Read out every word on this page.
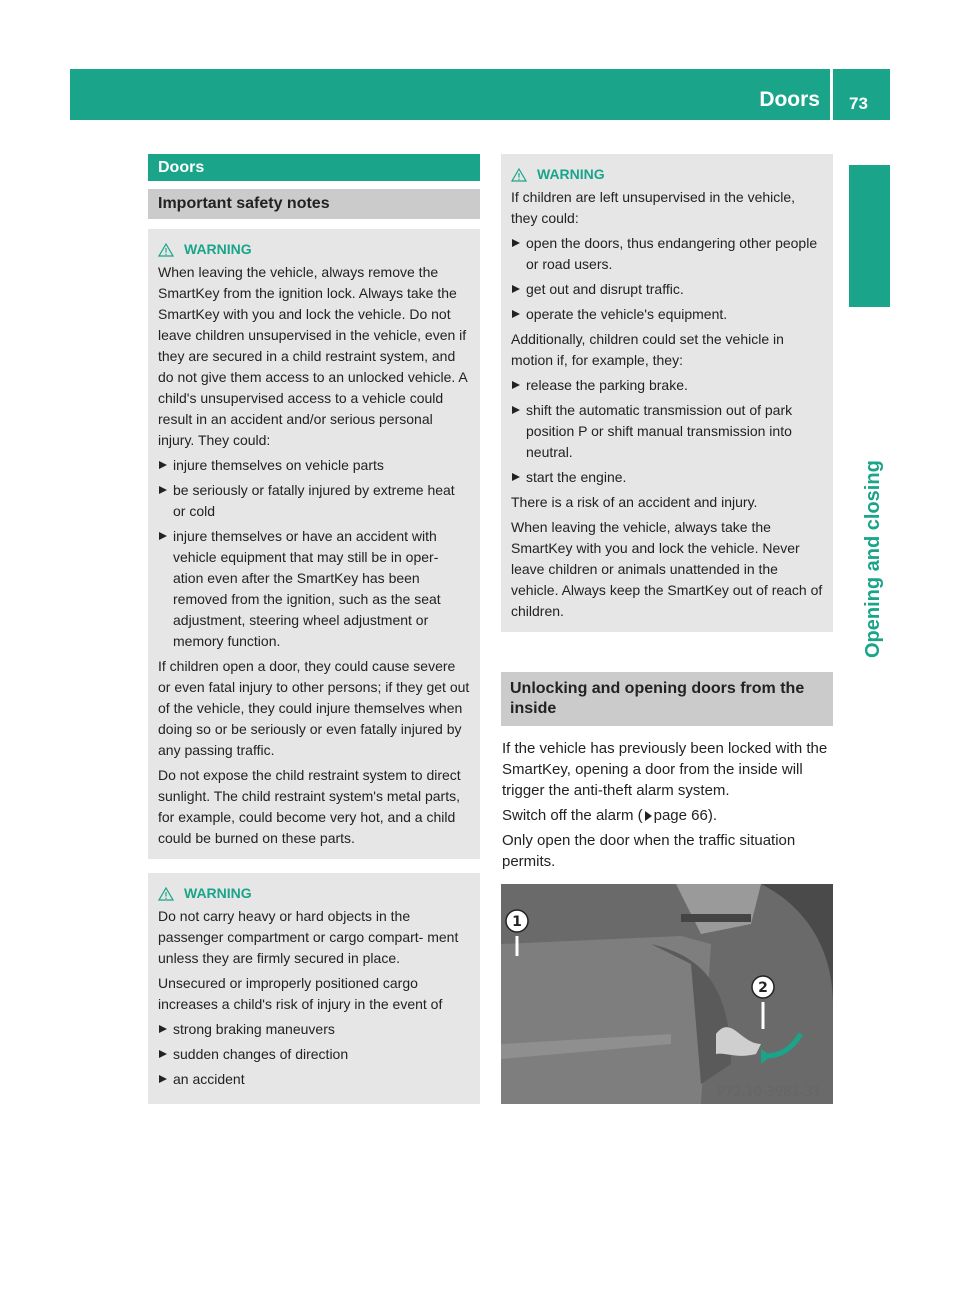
Doors 73
Opening and closing
Doors
Important safety notes
WARNING

When leaving the vehicle, always remove the SmartKey from the ignition lock. Always take the SmartKey with you and lock the vehicle. Do not leave children unsupervised in the vehicle, even if they are secured in a child restraint system, and do not give them access to an unlocked vehicle. A child's unsupervised access to a vehicle could result in an accident and/or serious personal injury. They could:

injure themselves on vehicle parts
be seriously or fatally injured by extreme heat or cold
injure themselves or have an accident with vehicle equipment that may still be in oper- ation even after the SmartKey has been removed from the ignition, such as the seat adjustment, steering wheel adjustment or memory function.

If children open a door, they could cause severe or even fatal injury to other persons; if they get out of the vehicle, they could injure themselves when doing so or be seriously or even fatally injured by any passing traffic.

Do not expose the child restraint system to direct sunlight. The child restraint system's metal parts, for example, could become very hot, and a child could be burned on these parts.

WARNING

Do not carry heavy or hard objects in the passenger compartment or cargo compart- ment unless they are firmly secured in place.

Unsecured or improperly positioned cargo increases a child's risk of injury in the event of

strong braking maneuvers
sudden changes of direction
an accident
WARNING

If children are left unsupervised in the vehicle, they could:

open the doors, thus endangering other people or road users.
get out and disrupt traffic.
operate the vehicle's equipment.

Additionally, children could set the vehicle in motion if, for example, they:

release the parking brake.
shift the automatic transmission out of park position P or shift manual transmission into neutral.
start the engine.

There is a risk of an accident and injury.

When leaving the vehicle, always take the SmartKey with you and lock the vehicle. Never leave children or animals unattended in the vehicle. Always keep the SmartKey out of reach of children.

Unlocking and opening doors from the inside

If the vehicle has previously been locked with the SmartKey, opening a door from the inside will trigger the anti-theft alarm system.

Switch off the alarm ( page 66).

Only open the door when the traffic situation permits.

1
2
P72.10-3981-31
